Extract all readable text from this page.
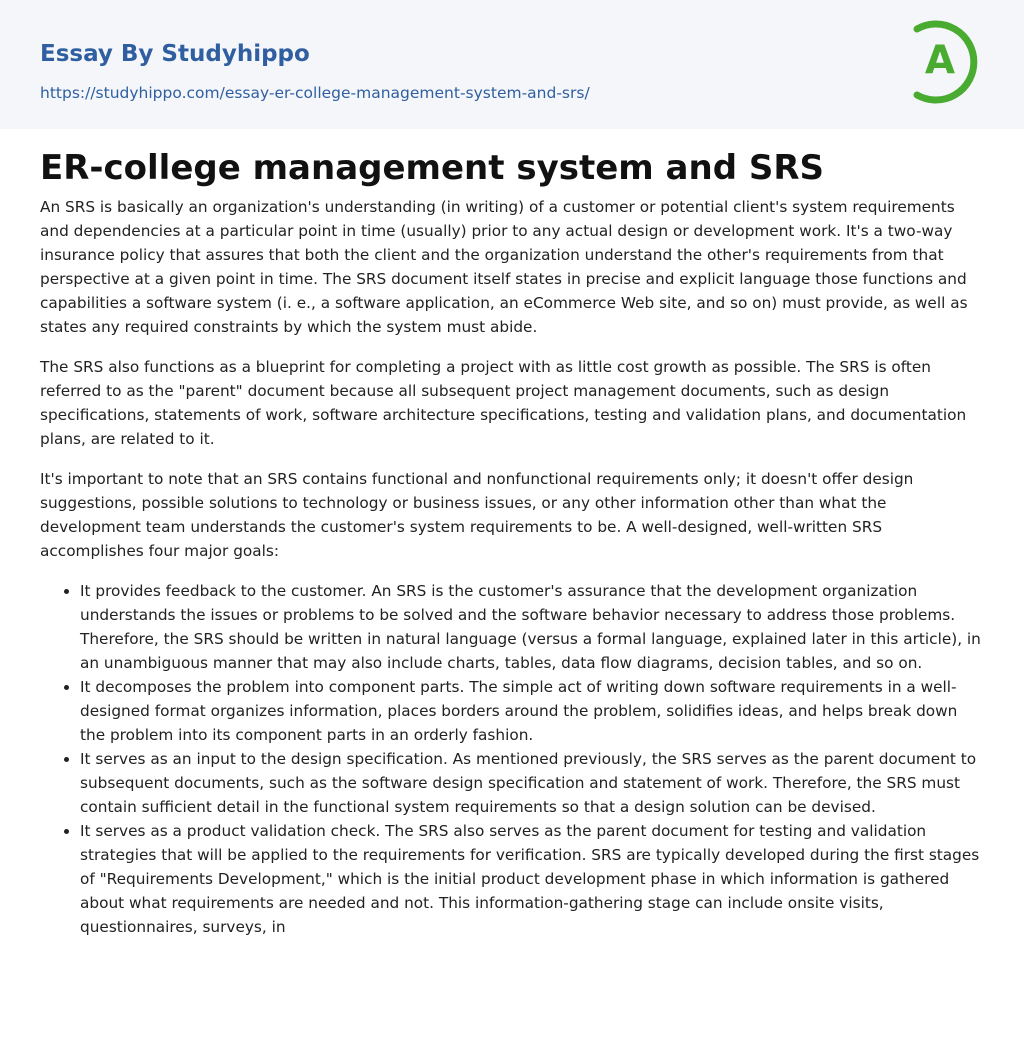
Essay By Studyhippo
https://studyhippo.com/essay-er-college-management-system-and-srs/
A
ER-college management system and SRS

An SRS is basically an organization's understanding (in writing) of a customer or potential client's system requirements and dependencies at a particular point in time (usually) prior to any actual design or development work. It's a two-way insurance policy that assures that both the client and the organization understand the other's requirements from that perspective at a given point in time. The SRS document itself states in precise and explicit language those functions and capabilities a software system (i. e., a software application, an eCommerce Web site, and so on) must provide, as well as states any required constraints by which the system must abide.

The SRS also functions as a blueprint for completing a project with as little cost growth as possible. The SRS is often referred to as the "parent" document because all subsequent project management documents, such as design specifications, statements of work, software architecture specifications, testing and validation plans, and documentation plans, are related to it.

It's important to note that an SRS contains functional and nonfunctional requirements only; it doesn't offer design suggestions, possible solutions to technology or business issues, or any other information other than what the development team understands the customer's system requirements to be. A well-designed, well-written SRS accomplishes four major goals:

• It provides feedback to the customer. An SRS is the customer's assurance that the development organization understands the issues or problems to be solved and the software behavior necessary to address those problems. Therefore, the SRS should be written in natural language (versus a formal language, explained later in this article), in an unambiguous manner that may also include charts, tables, data flow diagrams, decision tables, and so on.
• It decomposes the problem into component parts. The simple act of writing down software requirements in a well-designed format organizes information, places borders around the problem, solidifies ideas, and helps break down the problem into its component parts in an orderly fashion.
• It serves as an input to the design specification. As mentioned previously, the SRS serves as the parent document to subsequent documents, such as the software design specification and statement of work. Therefore, the SRS must contain sufficient detail in the functional system requirements so that a design solution can be devised.
• It serves as a product validation check. The SRS also serves as the parent document for testing and validation strategies that will be applied to the requirements for verification. SRS are typically developed during the first stages of "Requirements Development," which is the initial product development phase in which information is gathered about what requirements are needed and not. This information-gathering stage can include onsite visits, questionnaires, surveys, in
